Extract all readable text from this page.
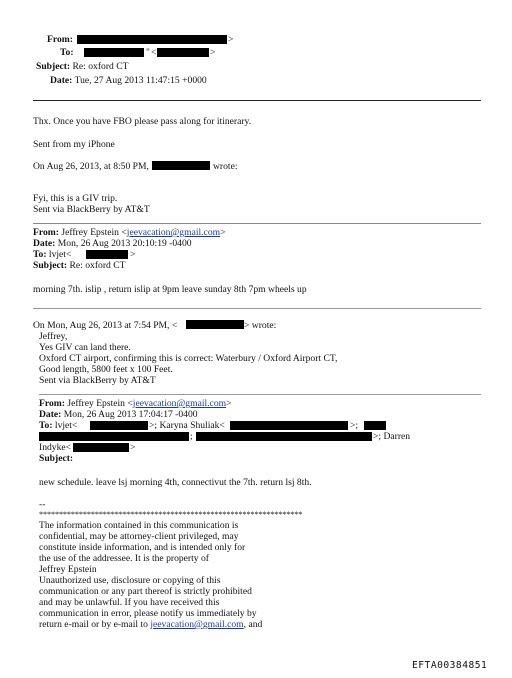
From:	>
To:	" <	>
Subject: Re: oxford CT
Date: Tue, 27 Aug 2013 11:47:15 +0000
Thx. Once you have FBO please pass along for itinerary.
Sent from my iPhone
On Aug 26, 2013, at 8:50 PM,	wrote:
Fyi, this is a GIV trip.
Sent via BlackBerry by AT&T
From: Jeffrey Epstein <jeevacation@gmail.com>
Date: Mon, 26 Aug 2013 20:10:19 -0400
To: lvjet<	>
Subject: Re: oxford CT
morning 7th. islip , return islip at 9pm leave sunday 8th 7pm wheels up
On Mon, Aug 26, 2013 at 7:54 PM, <	> wrote:
Jeffrey,
Yes GIV can land there.
Oxford CT airport, confirming this is correct: Waterbury / Oxford Airport CT,
Good length, 5800 feet x 100 Feet.
Sent via BlackBerry by AT&T
From: Jeffrey Epstein <jeevacation@gmail.com>
Date: Mon, 26 Aug 2013 17:04:17 -0400
To: lvjet<	>; Karyna Shuliak<	>;
;	>; Darren
Indyke<	>
Subject:
new schedule. leave lsj morning 4th, connectivut the 7th. return lsj 8th.
--
******************************************************************
The information contained in this communication is
confidential, may be attorney-client privileged, may
constitute inside information, and is intended only for
the use of the addressee. It is the property of
Jeffrey Epstein
Unauthorized use, disclosure or copying of this
communication or any part thereof is strictly prohibited
and may be unlawful. If you have received this
communication in error, please notify us immediately by
return e-mail or by e-mail to jeevacation@gmail.com, and
EFTA00384851
